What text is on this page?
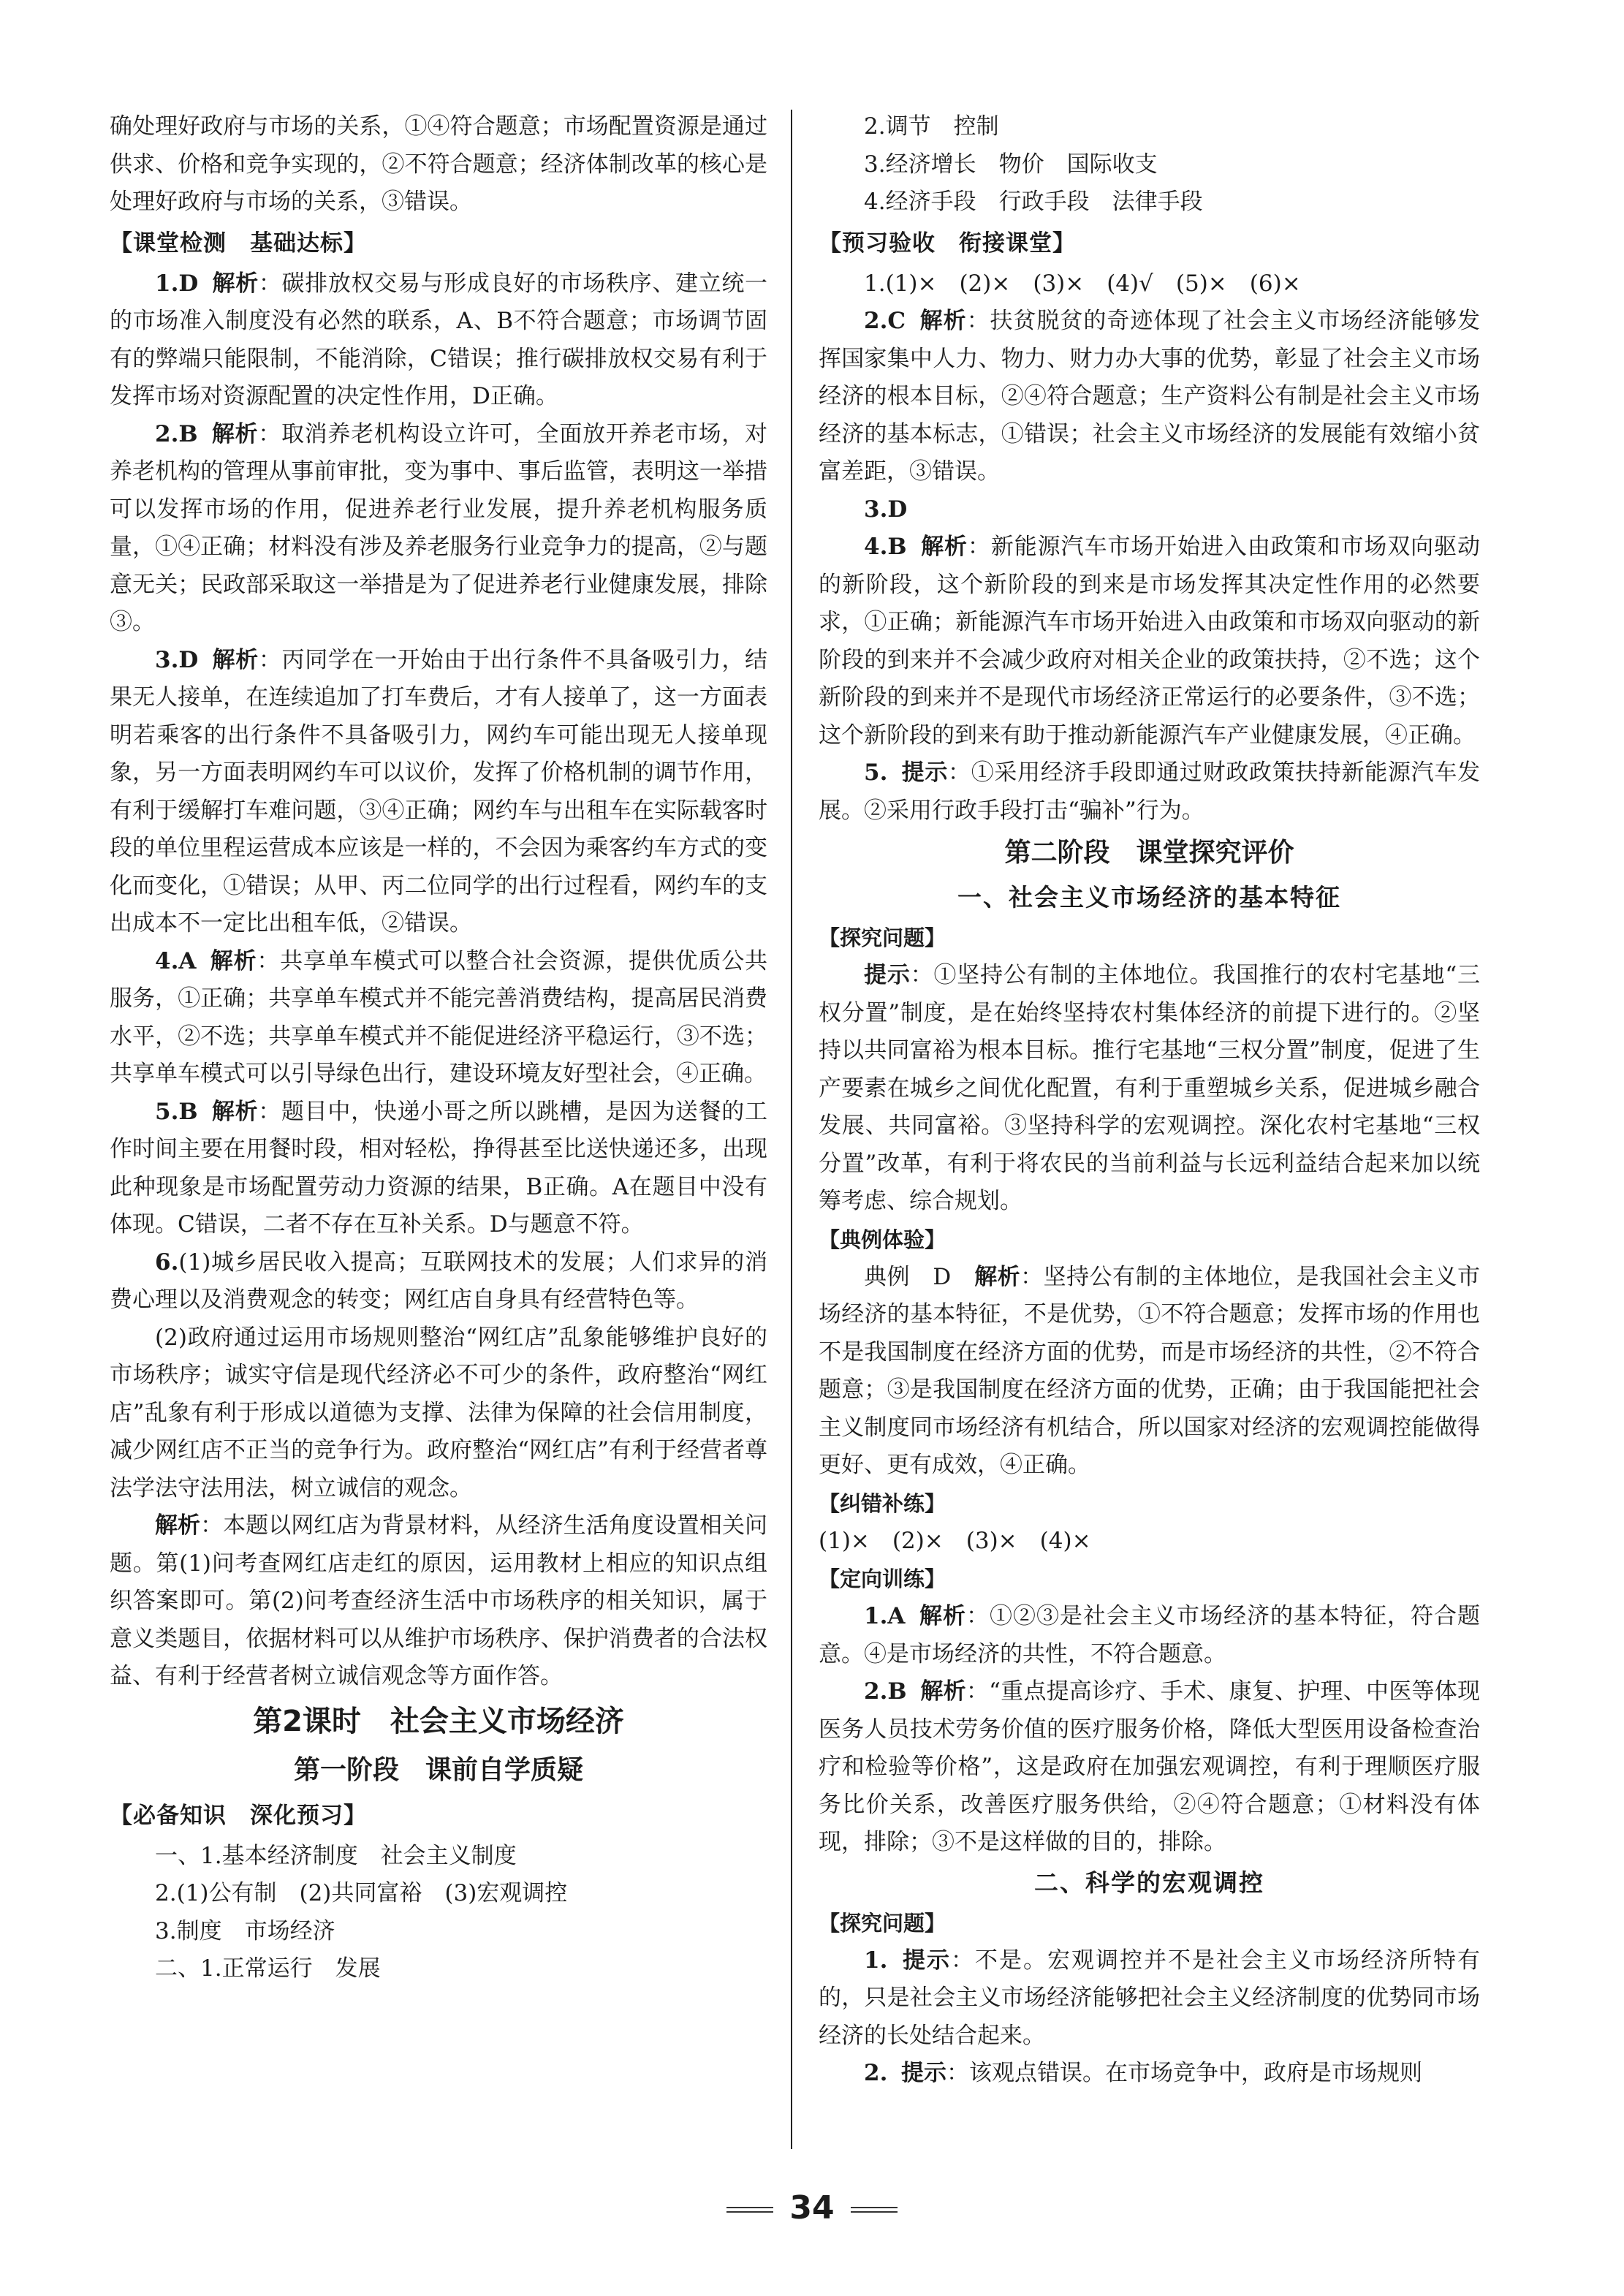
确处理好政府与市场的关系，①④符合题意；市场配置资源是通过供求、价格和竞争实现的，②不符合题意；经济体制改革的核心是处理好政府与市场的关系，③错误。

【课堂检测　基础达标】

1.D 解析：碳排放权交易与形成良好的市场秩序、建立统一的市场准入制度没有必然的联系，A、B不符合题意；市场调节固有的弊端只能限制，不能消除，C错误；推行碳排放权交易有利于发挥市场对资源配置的决定性作用，D正确。

2.B 解析：取消养老机构设立许可，全面放开养老市场，对养老机构的管理从事前审批，变为事中、事后监管，表明这一举措可以发挥市场的作用，促进养老行业发展，提升养老机构服务质量，①④正确；材料没有涉及养老服务行业竞争力的提高，②与题意无关；民政部采取这一举措是为了促进养老行业健康发展，排除③。

3.D 解析：丙同学在一开始由于出行条件不具备吸引力，结果无人接单，在连续追加了打车费后，才有人接单了，这一方面表明若乘客的出行条件不具备吸引力，网约车可能出现无人接单现象，另一方面表明网约车可以议价，发挥了价格机制的调节作用，有利于缓解打车难问题，③④正确；网约车与出租车在实际载客时段的单位里程运营成本应该是一样的，不会因为乘客约车方式的变化而变化，①错误；从甲、丙二位同学的出行过程看，网约车的支出成本不一定比出租车低，②错误。

4.A 解析：共享单车模式可以整合社会资源，提供优质公共服务，①正确；共享单车模式并不能完善消费结构，提高居民消费水平，②不选；共享单车模式并不能促进经济平稳运行，③不选；共享单车模式可以引导绿色出行，建设环境友好型社会，④正确。

5.B 解析：题目中，快递小哥之所以跳槽，是因为送餐的工作时间主要在用餐时段，相对轻松，挣得甚至比送快递还多，出现此种现象是市场配置劳动力资源的结果，B正确。A在题目中没有体现。C错误，二者不存在互补关系。D与题意不符。

6.(1)城乡居民收入提高；互联网技术的发展；人们求异的消费心理以及消费观念的转变；网红店自身具有经营特色等。

(2)政府通过运用市场规则整治“网红店”乱象能够维护良好的市场秩序；诚实守信是现代经济必不可少的条件，政府整治“网红店”乱象有利于形成以道德为支撑、法律为保障的社会信用制度，减少网红店不正当的竞争行为。政府整治“网红店”有利于经营者尊法学法守法用法，树立诚信的观念。

解析：本题以网红店为背景材料，从经济生活角度设置相关问题。第(1)问考查网红店走红的原因，运用教材上相应的知识点组织答案即可。第(2)问考查经济生活中市场秩序的相关知识，属于意义类题目，依据材料可以从维护市场秩序、保护消费者的合法权益、有利于经营者树立诚信观念等方面作答。

第2课时　社会主义市场经济
第一阶段　课前自学质疑
【必备知识　深化预习】

一、1.基本经济制度　社会主义制度

2.(1)公有制　(2)共同富裕　(3)宏观调控

3.制度　市场经济

二、1.正常运行　发展

2.调节　控制

3.经济增长　物价　国际收支

4.经济手段　行政手段　法律手段

【预习验收　衔接课堂】

1.(1)×　(2)×　(3)×　(4)√　(5)×　(6)×

2.C 解析：扶贫脱贫的奇迹体现了社会主义市场经济能够发挥国家集中人力、物力、财力办大事的优势，彰显了社会主义市场经济的根本目标，②④符合题意；生产资料公有制是社会主义市场经济的基本标志，①错误；社会主义市场经济的发展能有效缩小贫富差距，③错误。

3.D

4.B 解析：新能源汽车市场开始进入由政策和市场双向驱动的新阶段，这个新阶段的到来是市场发挥其决定性作用的必然要求，①正确；新能源汽车市场开始进入由政策和市场双向驱动的新阶段的到来并不会减少政府对相关企业的政策扶持，②不选；这个新阶段的到来并不是现代市场经济正常运行的必要条件，③不选；这个新阶段的到来有助于推动新能源汽车产业健康发展，④正确。

5. 提示：①采用经济手段即通过财政政策扶持新能源汽车发展。②采用行政手段打击“骗补”行为。

第二阶段　课堂探究评价
一、社会主义市场经济的基本特征
【探究问题】

提示：①坚持公有制的主体地位。我国推行的农村宅基地“三权分置”制度，是在始终坚持农村集体经济的前提下进行的。②坚持以共同富裕为根本目标。推行宅基地“三权分置”制度，促进了生产要素在城乡之间优化配置，有利于重塑城乡关系，促进城乡融合发展、共同富裕。③坚持科学的宏观调控。深化农村宅基地“三权分置”改革，有利于将农民的当前利益与长远利益结合起来加以统筹考虑、综合规划。

【典例体验】

典例　D　解析：坚持公有制的主体地位，是我国社会主义市场经济的基本特征，不是优势，①不符合题意；发挥市场的作用也不是我国制度在经济方面的优势，而是市场经济的共性，②不符合题意；③是我国制度在经济方面的优势，正确；由于我国能把社会主义制度同市场经济有机结合，所以国家对经济的宏观调控能做得更好、更有成效，④正确。

【纠错补练】

(1)×　(2)×　(3)×　(4)×

【定向训练】

1.A 解析：①②③是社会主义市场经济的基本特征，符合题意。④是市场经济的共性，不符合题意。

2.B 解析：“重点提高诊疗、手术、康复、护理、中医等体现医务人员技术劳务价值的医疗服务价格，降低大型医用设备检查治疗和检验等价格”，这是政府在加强宏观调控，有利于理顺医疗服务比价关系，改善医疗服务供给，②④符合题意；①材料没有体现，排除；③不是这样做的目的，排除。

二、科学的宏观调控
【探究问题】

1. 提示：不是。宏观调控并不是社会主义市场经济所特有的，只是社会主义市场经济能够把社会主义经济制度的优势同市场经济的长处结合起来。

2. 提示：该观点错误。在市场竞争中，政府是市场规则

34
